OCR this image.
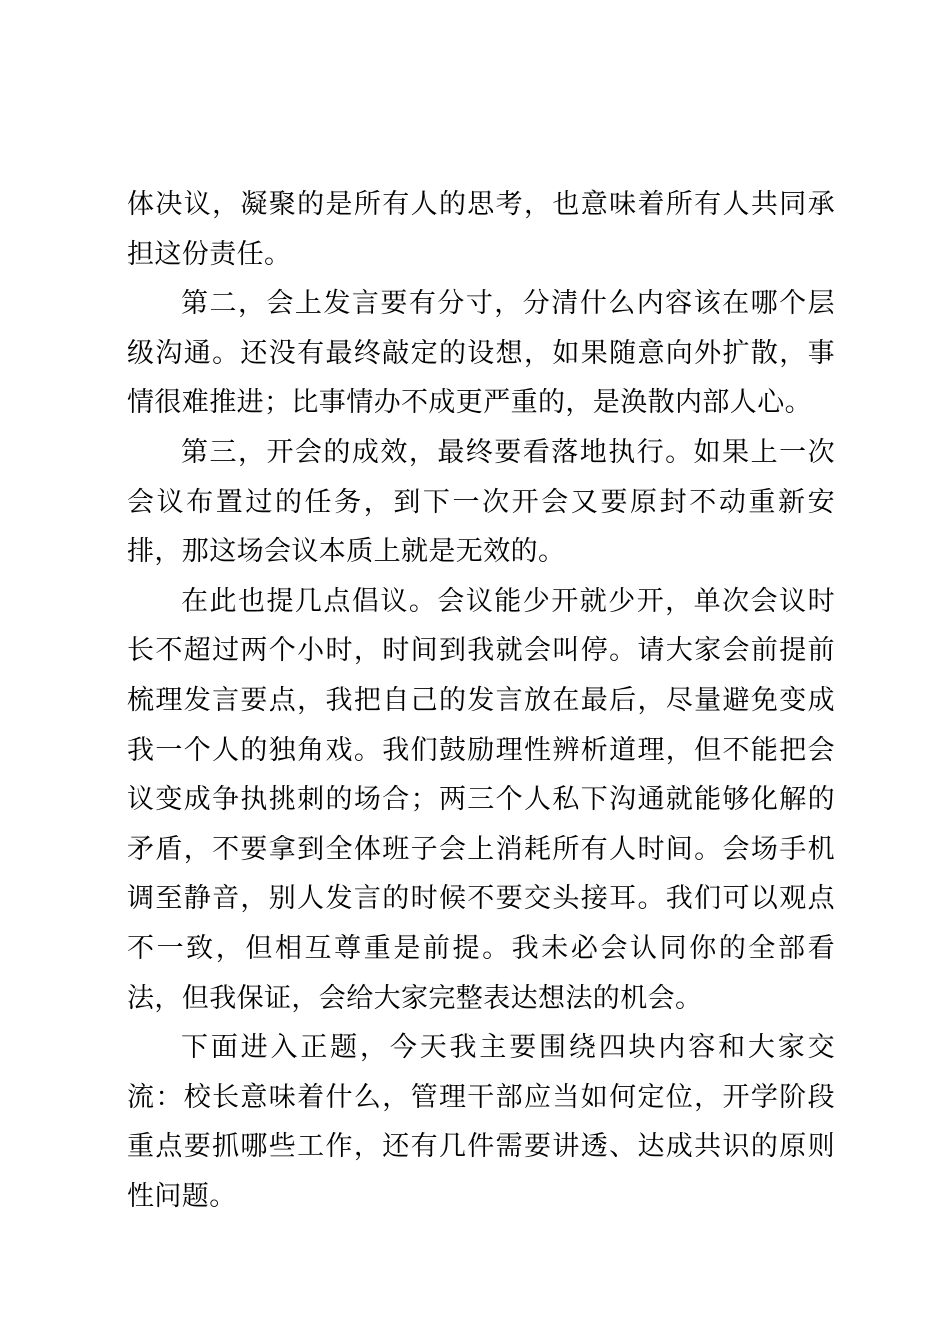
体决议，凝聚的是所有人的思考，也意味着所有人共同承担这份责任。

第二，会上发言要有分寸，分清什么内容该在哪个层级沟通。还没有最终敲定的设想，如果随意向外扩散，事情很难推进；比事情办不成更严重的，是涣散内部人心。

第三，开会的成效，最终要看落地执行。如果上一次会议布置过的任务，到下一次开会又要原封不动重新安排，那这场会议本质上就是无效的。

在此也提几点倡议。会议能少开就少开，单次会议时长不超过两个小时，时间到我就会叫停。请大家会前提前梳理发言要点，我把自己的发言放在最后，尽量避免变成我一个人的独角戏。我们鼓励理性辨析道理，但不能把会议变成争执挑刺的场合；两三个人私下沟通就能够化解的矛盾，不要拿到全体班子会上消耗所有人时间。会场手机调至静音，别人发言的时候不要交头接耳。我们可以观点不一致，但相互尊重是前提。我未必会认同你的全部看法，但我保证，会给大家完整表达想法的机会。

下面进入正题，今天我主要围绕四块内容和大家交流：校长意味着什么，管理干部应当如何定位，开学阶段重点要抓哪些工作，还有几件需要讲透、达成共识的原则性问题。
